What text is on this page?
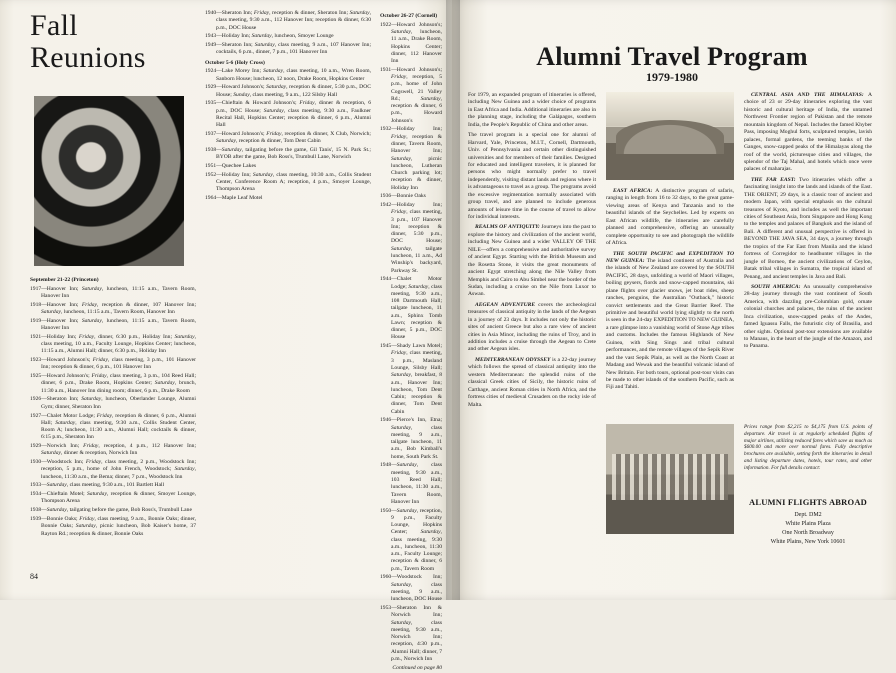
Fall
Reunions

September 21-22 (Princeton)

1917—Hanover Inn; Saturday, luncheon, 11:15 a.m., Tavern Room, Hanover Inn

1918—Hanover Inn; Friday, reception & dinner, 107 Hanover Inn; Saturday, luncheon, 11:15 a.m., Tavern Room, Hanover Inn

1919—Hanover Inn; Saturday, luncheon, 11:15 a.m., Tavern Room, Hanover Inn

1921—Holiday Inn; Friday, dinner, 6:30 p.m., Holiday Inn; Saturday, class meeting, 10 a.m., Faculty Lounge, Hopkins Center; luncheon, 11:15 a.m., Alumni Hall; dinner, 6:30 p.m., Holiday Inn

1923—Howard Johnson's; Friday, class meeting, 3 p.m., 101 Hanover Inn; reception & dinner, 6 p.m., 101 Hanover Inn

1925—Howard Johnson's; Friday, class meeting, 3 p.m., 104 Reed Hall; dinner, 6 p.m., Drake Room, Hopkins Center; Saturday, brunch, 11:30 a.m., Hanover Inn dining room; dinner, 6 p.m., Drake Room

1926—Sheraton Inn; Saturday, luncheon, Oberlander Lounge, Alumni Gym; dinner, Sheraton Inn

1927—Chalet Motor Lodge; Friday, reception & dinner, 6 p.m., Alumni Hall; Saturday, class meeting, 9:30 a.m., Collis Student Center, Room A; luncheon, 11:30 a.m., Alumni Hall; cocktails & dinner, 6:15 p.m., Sheraton Inn

1929—Norwich Inn; Friday, reception, 4 p.m., 112 Hanover Inn; Saturday, dinner & reception, Norwich Inn

1930—Woodstock Inn; Friday, class meeting, 2 p.m., Woodstock Inn; reception, 5 p.m., home of John French, Woodstock; Saturday, luncheon, 11:30 a.m., the Bema; dinner, 7 p.m., Woodstock Inn

1933—Saturday, class meeting, 9:30 a.m., 101 Bartlett Hall

1934—Chieftain Motel; Saturday, reception & dinner, Smoyer Lounge, Thompson Arena

1938—Saturday, tailgating before the game, Bob Ross's, Trumbull Lane

1939—Bonnie Oaks; Friday, class meeting, 9 a.m., Bonnie Oaks; dinner, Bonnie Oaks; Saturday, picnic luncheon, Bob Kaiser's home, 37 Rayton Rd.; reception & dinner, Bonnie Oaks

1940—Sheraton Inn; Friday, reception & dinner, Sheraton Inn; Saturday, class meeting, 9:30 a.m., 112 Hanover Inn; reception & dinner, 6:30 p.m., DOC House

1943—Holiday Inn; Saturday, luncheon, Smoyer Lounge

1949—Sheraton Inn; Saturday, class meeting, 9 a.m., 107 Hanover Inn; cocktails, 6 p.m., dinner, 7 p.m., 101 Hanover Inn

October 5-6 (Holy Cross)

1924—Lake Morey Inn; Saturday, class meeting, 10 a.m., Wren Room, Sanborn House; luncheon, 12 noon, Drake Room, Hopkins Center

1929—Howard Johnson's; Saturday, reception & dinner, 5:30 p.m., DOC House; Sunday, class meeting, 9 a.m., 122 Silsby Hall

1935—Chieftain & Howard Johnson's; Friday, dinner & reception, 6 p.m., DOC House; Saturday, class meeting, 9:30 a.m., Faulkner Recital Hall, Hopkins Center; reception & dinner, 6 p.m., Alumni Hall

1937—Howard Johnson's; Friday, reception & dinner, X Club, Norwich; Saturday, reception & dinner, Tom Dent Cabin

1938—Saturday, tailgating before the game, Gil Tanis', 15 N. Park St.; BYOB after the game, Bob Ross's, Trumbull Lane, Norwich

1951—Quechee Lakes

1952—Holiday Inn; Saturday, class meeting, 10:30 a.m., Collis Student Center, Conference Room A; reception, 4 p.m., Smoyer Lounge, Thompson Arena

1964—Maple Leaf Motel

October 26-27 (Cornell)

1922—Howard Johnson's; Saturday, luncheon, 11 a.m., Drake Room, Hopkins Center; dinner, 112 Hanover Inn

1931—Howard Johnson's; Friday, reception, 5 p.m., home of John Cogswell, 21 Valley Rd.; Saturday, reception & dinner, 6 p.m., Howard Johnson's

1932—Holiday Inn; Friday, reception & dinner, Tavern Room, Hanover Inn; Saturday, picnic luncheon, Lutheran Church parking lot; reception & dinner, Holiday Inn

1936—Bonnie Oaks

1942—Holiday Inn; Friday, class meeting, 3 p.m., 107 Hanover Inn; reception & dinner, 5:30 p.m., DOC House; Saturday, tailgate luncheon, 11 a.m., Ad Winship's backyard, Parkway St.

1944—Chalet Motor Lodge; Saturday, class meeting, 9:30 a.m., 108 Dartmouth Hall; tailgate luncheon, 11 a.m., Sphinx Tomb Lawn; reception & dinner, 5 p.m., DOC House

1945—Shady Lawn Motel; Friday, class meeting, 3 p.m., Masland Lounge, Silsby Hall; Saturday, breakfast, 8 a.m., Hanover Inn; luncheon, Tom Dent Cabin; reception & dinner, Tom Dent Cabin

1946—Pierce's Inn, Etna; Saturday, class meeting, 9 a.m., tailgate luncheon, 11 a.m., Bob Kimball's home, South Park St.

1948—Saturday, class meeting, 9:30 a.m., 103 Reed Hall; luncheon, 11:30 a.m., Tavern Room, Hanover Inn

1950—Saturday, reception, 9 p.m., Faculty Lounge, Hopkins Center; Saturday, class meeting, 9:30 a.m., luncheon, 11:30 a.m., Faculty Lounge; reception & dinner, 6 p.m., Tavern Room

1960—Woodstock Inn; Saturday, class meeting, 9 a.m., luncheon, DOC House

1953—Sheraton Inn & Norwich Inn; Saturday, class meeting, 9:30 a.m., Norwich Inn; reception, 4:30 p.m., Alumni Hall; dinner, 7 p.m., Norwich Inn

Continued on page 80

84
Alumni Travel Program
1979-1980

For 1979, an expanded program of itineraries is offered, including New Guinea and a wider choice of programs in East Africa and India. Additional itineraries are also in the planning stage, including the Galápagos, southern India, the People's Republic of China and other areas.

The travel program is a special one for alumni of Harvard, Yale, Princeton, M.I.T., Cornell, Dartmouth, Univ. of Pennsylvania and certain other distinguished universities and for members of their families. Designed for educated and intelligent travelers, it is planned for persons who might normally prefer to travel independently, visiting distant lands and regions where it is advantageous to travel as a group. The programs avoid the excessive regimentation normally associated with group travel, and are planned to include generous amounts of leisure time in the course of travel to allow for individual interests.

REALMS OF ANTIQUITY: Journeys into the past to explore the history and civilization of the ancient world, including New Guinea and a wider VALLEY OF THE NILE—offers a comprehensive and authoritative survey of ancient Egypt. Starting with the British Museum and the Rosetta Stone, it visits the great monuments of ancient Egypt stretching along the Nile Valley from Memphis and Cairo to Abu Simbel near the border of the Sudan, including a cruise on the Nile from Luxor to Aswan.

AEGEAN ADVENTURE covers the archeological treasures of classical antiquity in the lands of the Aegean in a journey of 23 days. It includes not only the historic sites of ancient Greece but also a rare view of ancient cities in Asia Minor, including the ruins of Troy, and in addition includes a cruise through the Aegean to Crete and other Aegean isles.

MEDITERRANEAN ODYSSEY is a 22-day journey which follows the spread of classical antiquity into the western Mediterranean: the splendid ruins of the classical Greek cities of Sicily, the historic ruins of Carthage, ancient Roman cities in North Africa, and the fortress cities of medieval Crusaders on the rocky isle of Malta.

EAST AFRICA: A distinctive program of safaris, ranging in length from 16 to 32 days, to the great game-viewing areas of Kenya and Tanzania and to the beautiful islands of the Seychelles. Led by experts on East African wildlife, the itineraries are carefully planned and comprehensive, offering an unusually complete opportunity to see and photograph the wildlife of Africa.

THE SOUTH PACIFIC and EXPEDITION TO NEW GUINEA: The island continent of Australia and the islands of New Zealand are covered by the SOUTH PACIFIC, 28 days, unfolding a world of Maori villages, boiling geysers, fiords and snow-capped mountains, ski plane flights over glacier snows, jet boat rides, sheep ranches, penguins, the Australian "Outback," historic convict settlements and the Great Barrier Reef. The primitive and beautiful world lying slightly to the north is seen in the 24-day EXPEDITION TO NEW GUINEA, a rare glimpse into a vanishing world of Stone Age tribes and customs. Includes the famous Highlands of New Guinea, with Sing Sings and tribal cultural performances, and the remote villages of the Sepik River and the vast Sepik Plain, as well as the North Coast at Madang and Wewak and the beautiful volcanic island of New Britain. For both tours, optional post-tour visits can be made to other islands of the southern Pacific, such as Fiji and Tahiti.

CENTRAL ASIA AND THE HIMALAYAS: A choice of 23 or 29-day itineraries exploring the vast historic and cultural heritage of India, the untamed Northwest Frontier region of Pakistan and the remote mountain kingdom of Nepal. Includes the famed Khyber Pass, imposing Moghul forts, sculptured temples, lavish palaces, formal gardens, the teeming banks of the Ganges, snow-capped peaks of the Himalayas along the roof of the world, picturesque cities and villages, the splendor of the Taj Mahal, and hotels which once were palaces of maharajas.

THE FAR EAST: Two itineraries which offer a fascinating insight into the lands and islands of the East. THE ORIENT, 29 days, is a classic tour of ancient and modern Japan, with special emphasis on the cultural treasures of Kyoto, and includes as well the important cities of Southeast Asia, from Singapore and Hong Kong to the temples and palaces of Bangkok and the island of Bali. A different and unusual perspective is offered in BEYOND THE JAVA SEA, 34 days, a journey through the tropics of the Far East from Manila and the island fortress of Corregidor to headhunter villages in the jungle of Borneo, the ancient civilizations of Ceylon, Batak tribal villages in Sumatra, the tropical island of Penang, and ancient temples in Java and Bali.

SOUTH AMERICA: An unusually comprehensive 28-day journey through the vast continent of South America, with dazzling pre-Columbian gold, ornate colonial churches and palaces, the ruins of the ancient Inca civilization, snow-capped peaks of the Andes, famed Iguassu Falls, the futuristic city of Brasilia, and other sights. Optional post-tour extensions are available to Manaus, in the heart of the jungle of the Amazon, and to Panama.

Prices range from $2,215 to $4,175 from U.S. points of departure. Air travel is at regularly scheduled flights of major airlines, utilizing reduced fares which save as much as $600.00 and more over normal fares. Fully descriptive brochures are available, setting forth the itineraries in detail and listing departure dates, hotels, tour rates, and other information. For full details contact:
ALUMNI FLIGHTS ABROAD
Dept. DM2
White Plains Plaza
One North Broadway
White Plains, New York 10601
